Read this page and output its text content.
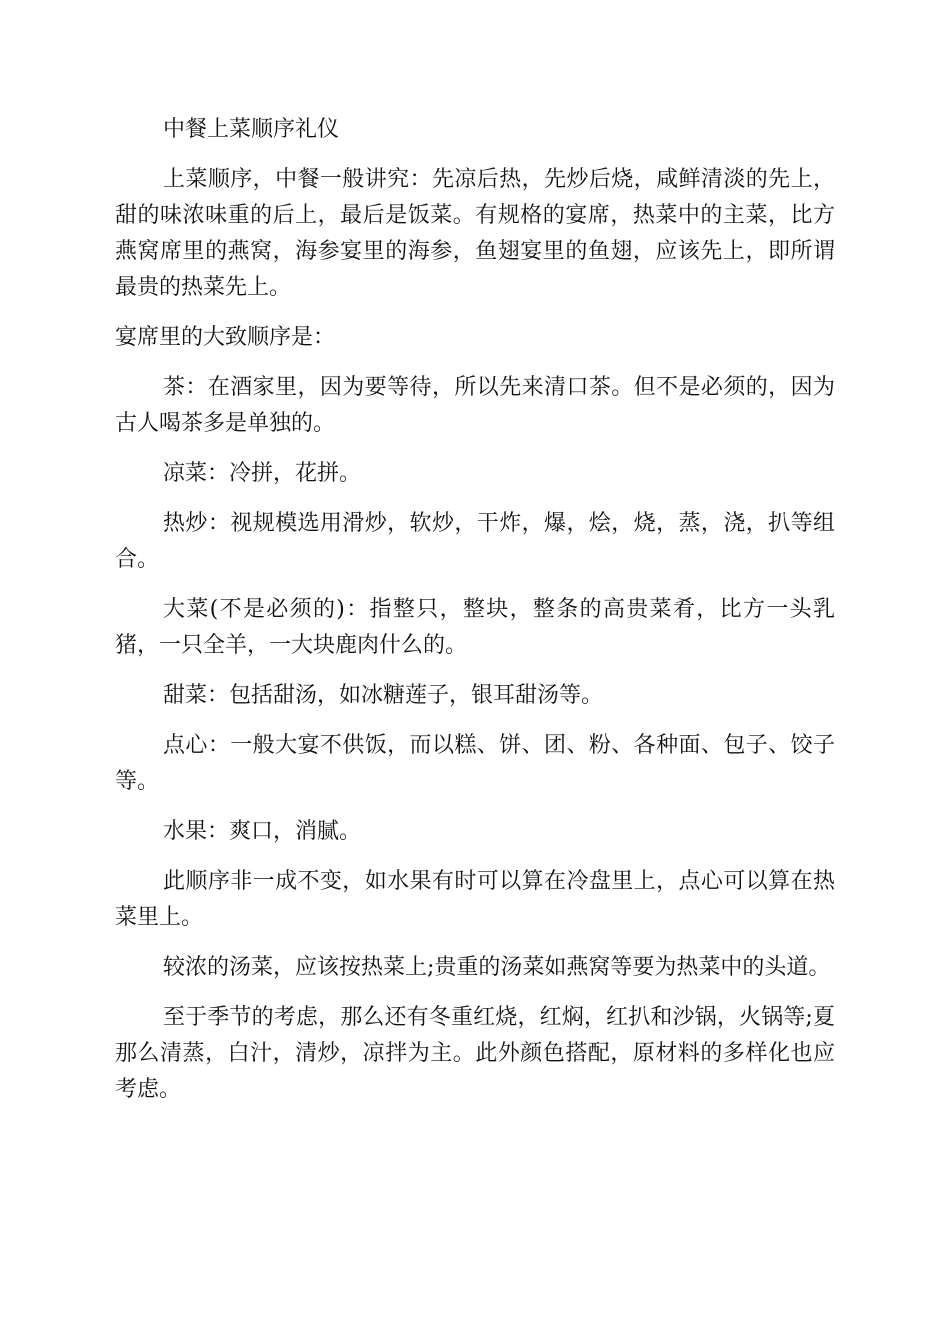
中餐上菜顺序礼仪

上菜顺序，中餐一般讲究：先凉后热，先炒后烧，咸鲜清淡的先上，甜的味浓味重的后上，最后是饭菜。有规格的宴席，热菜中的主菜，比方燕窝席里的燕窝，海参宴里的海参，鱼翅宴里的鱼翅，应该先上，即所谓最贵的热菜先上。

宴席里的大致顺序是：

茶：在酒家里，因为要等待，所以先来清口茶。但不是必须的，因为古人喝茶多是单独的。

凉菜：冷拼，花拼。

热炒：视规模选用滑炒，软炒，干炸，爆，烩，烧，蒸，浇，扒等组合。

大菜(不是必须的)：指整只，整块，整条的高贵菜肴，比方一头乳猪，一只全羊，一大块鹿肉什么的。

甜菜：包括甜汤，如冰糖莲子，银耳甜汤等。

点心：一般大宴不供饭，而以糕、饼、团、粉、各种面、包子、饺子等。

水果：爽口，消腻。

此顺序非一成不变，如水果有时可以算在冷盘里上，点心可以算在热菜里上。

较浓的汤菜，应该按热菜上;贵重的汤菜如燕窝等要为热菜中的头道。

至于季节的考虑，那么还有冬重红烧，红焖，红扒和沙锅，火锅等;夏那么清蒸，白汁，清炒，凉拌为主。此外颜色搭配，原材料的多样化也应考虑。
